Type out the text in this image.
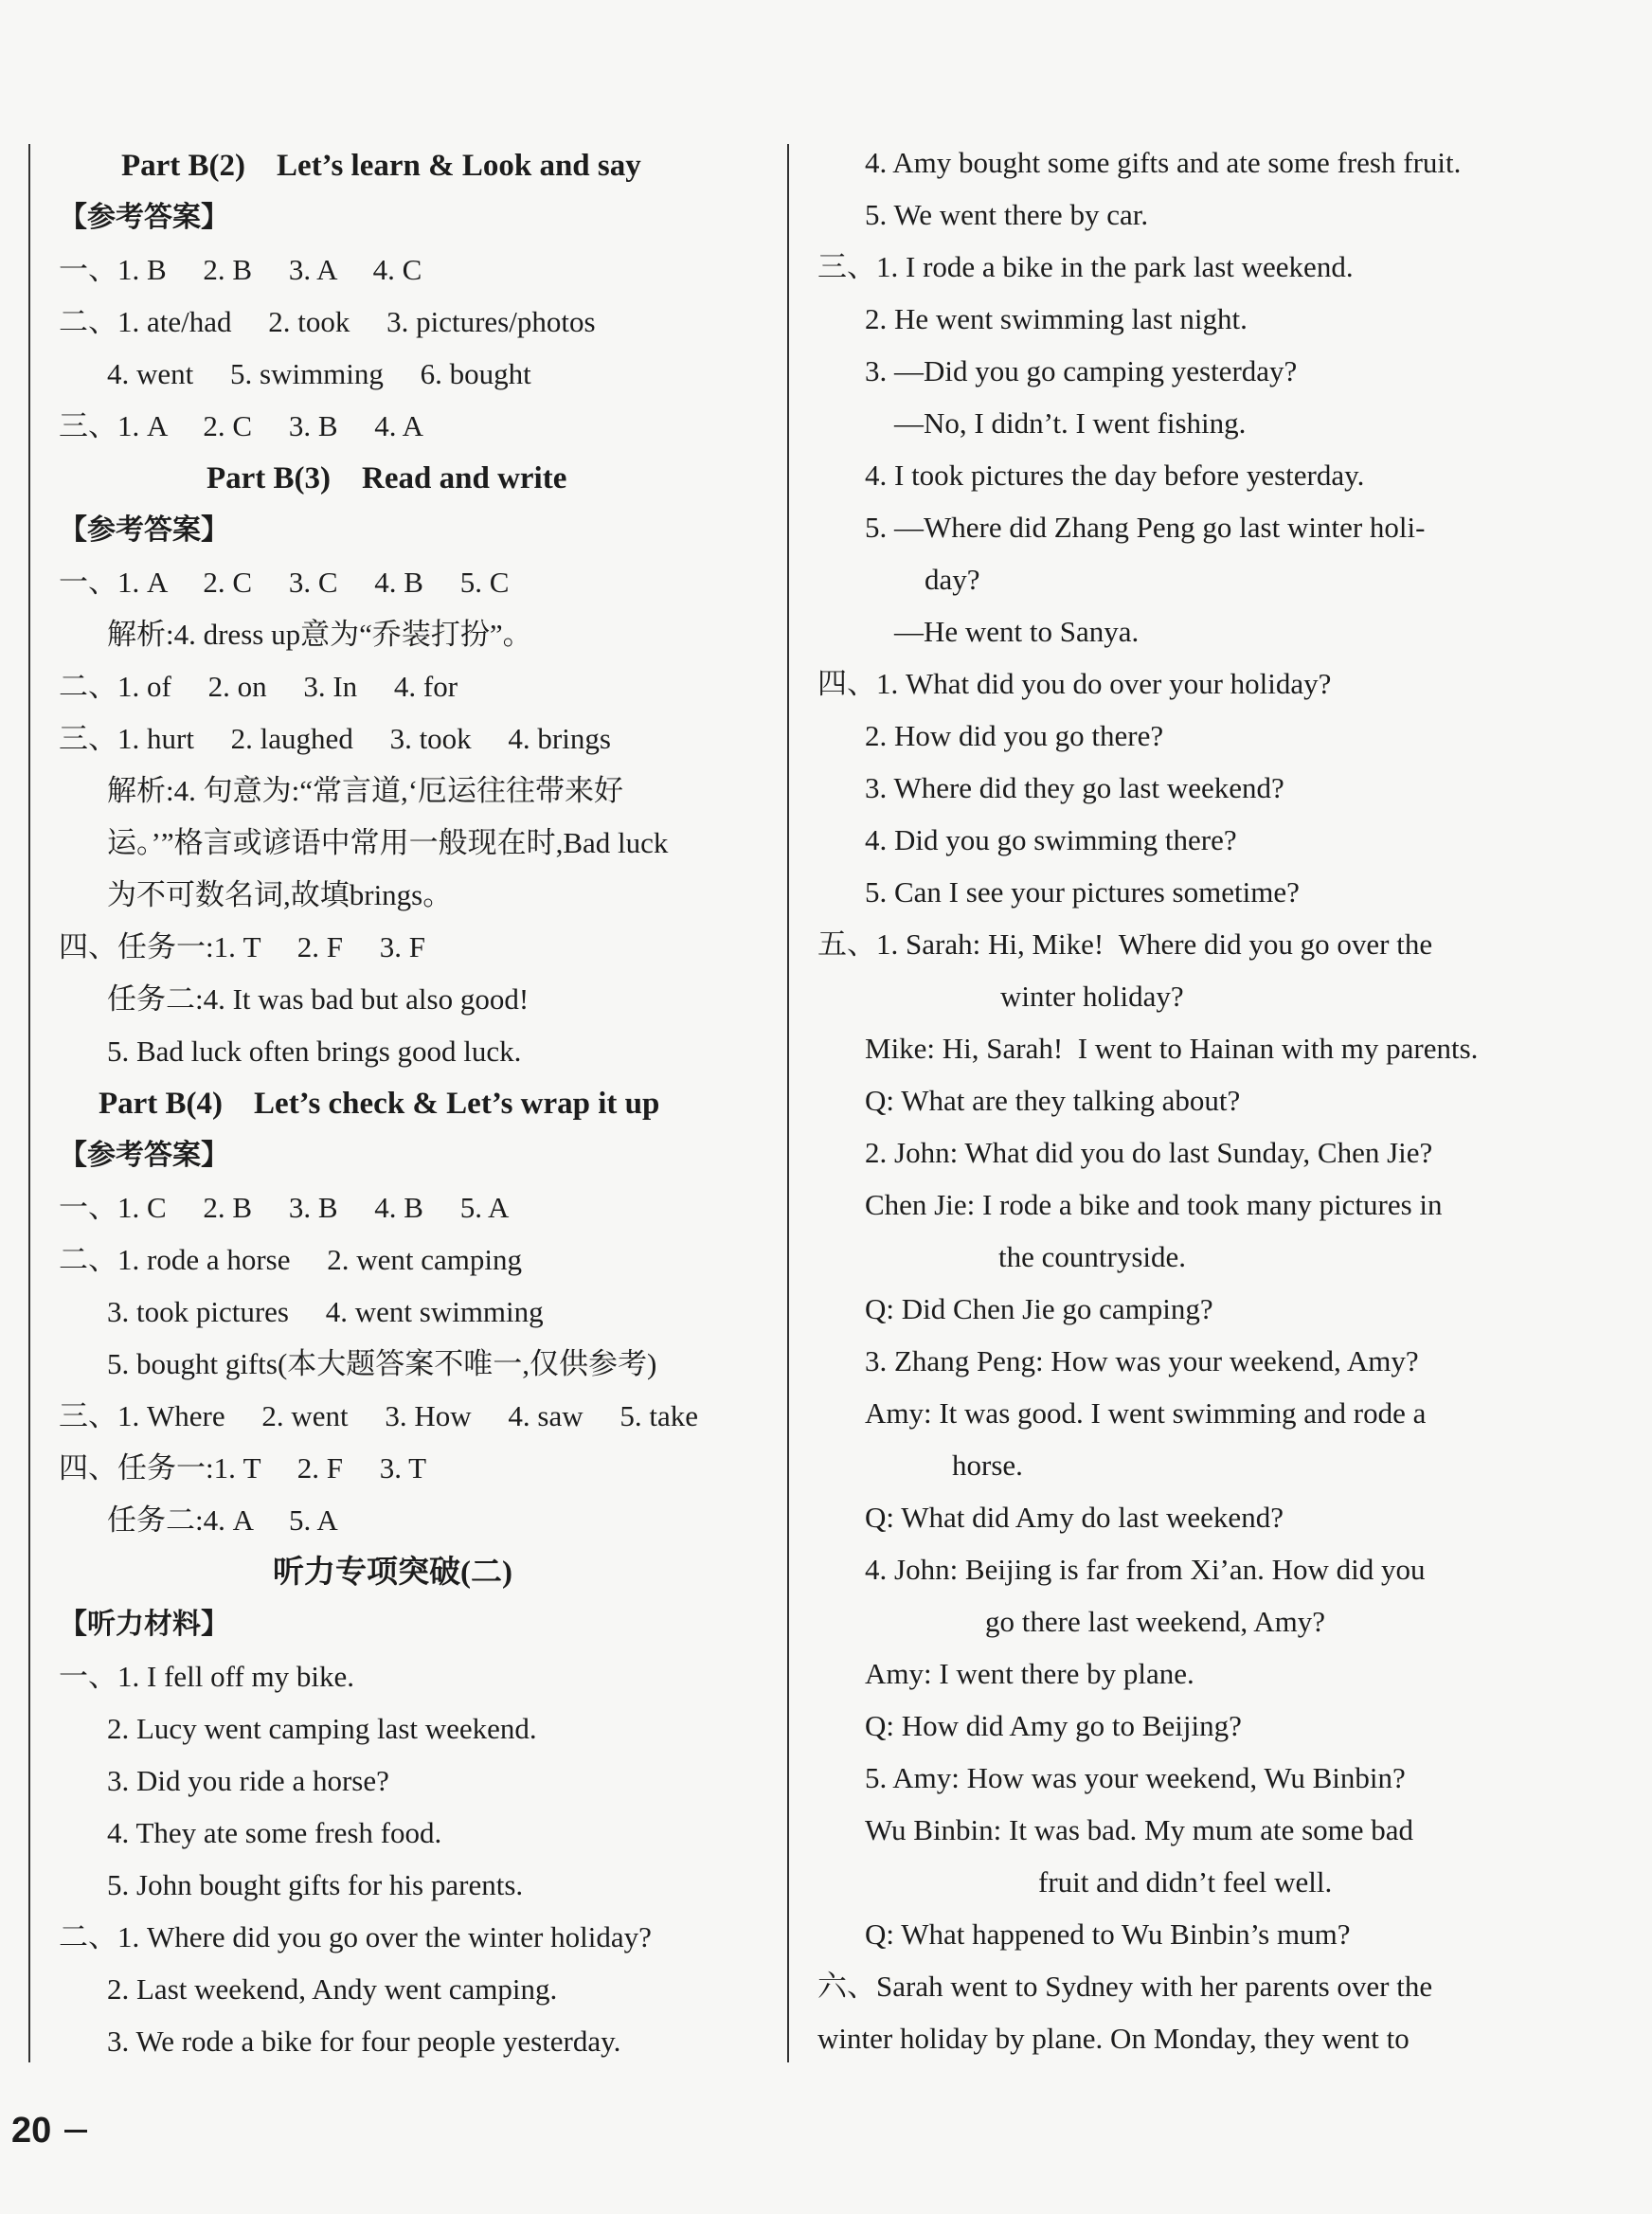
Part B(2)　Let’s learn & Look and say
【参考答案】
一、1. B　 2. B　 3. A　 4. C
二、1. ate/had　 2. took　 3. pictures/photos
4. went　 5. swimming　 6. bought
三、1. A　 2. C　 3. B　 4. A
Part B(3)　Read and write
【参考答案】
一、1. A　 2. C　 3. C　 4. B　 5. C
解析:4. dress up意为“乔装打扮”。
二、1. of　 2. on　 3. In　 4. for
三、1. hurt　 2. laughed　 3. took　 4. brings
解析:4. 句意为:“常言道,‘厄运往往带来好
运。’”格言或谚语中常用一般现在时,Bad luck
为不可数名词,故填brings。
四、任务一:1. T　 2. F　 3. F
任务二:4. It was bad but also good!
5. Bad luck often brings good luck.
Part B(4)　Let’s check & Let’s wrap it up
【参考答案】
一、1. C　 2. B　 3. B　 4. B　 5. A
二、1. rode a horse　 2. went camping
3. took pictures　 4. went swimming
5. bought gifts(本大题答案不唯一,仅供参考)
三、1. Where　 2. went　 3. How　 4. saw　 5. take
四、任务一:1. T　 2. F　 3. T
任务二:4. A　 5. A
听力专项突破(二)
【听力材料】
一、1. I fell off my bike.
2. Lucy went camping last weekend.
3. Did you ride a horse?
4. They ate some fresh food.
5. John bought gifts for his parents.
二、1. Where did you go over the winter holiday?
2. Last weekend, Andy went camping.
3. We rode a bike for four people yesterday.
4. Amy bought some gifts and ate some fresh fruit.
5. We went there by car.
三、1. I rode a bike in the park last weekend.
2. He went swimming last night.
3. —Did you go camping yesterday?
—No, I didn’t. I went fishing.
4. I took pictures the day before yesterday.
5. —Where did Zhang Peng go last winter holi-
day?
—He went to Sanya.
四、1. What did you do over your holiday?
2. How did you go there?
3. Where did they go last weekend?
4. Did you go swimming there?
5. Can I see your pictures sometime?
五、1. Sarah: Hi, Mike!  Where did you go over the
winter holiday?
Mike: Hi, Sarah!  I went to Hainan with my parents.
Q: What are they talking about?
2. John: What did you do last Sunday, Chen Jie?
Chen Jie: I rode a bike and took many pictures in
the countryside.
Q: Did Chen Jie go camping?
3. Zhang Peng: How was your weekend, Amy?
Amy: It was good. I went swimming and rode a
horse.
Q: What did Amy do last weekend?
4. John: Beijing is far from Xi’an. How did you
go there last weekend, Amy?
Amy: I went there by plane.
Q: How did Amy go to Beijing?
5. Amy: How was your weekend, Wu Binbin?
Wu Binbin: It was bad. My mum ate some bad
fruit and didn’t feel well.
Q: What happened to Wu Binbin’s mum?
六、Sarah went to Sydney with her parents over the
winter holiday by plane. On Monday, they went to
20
